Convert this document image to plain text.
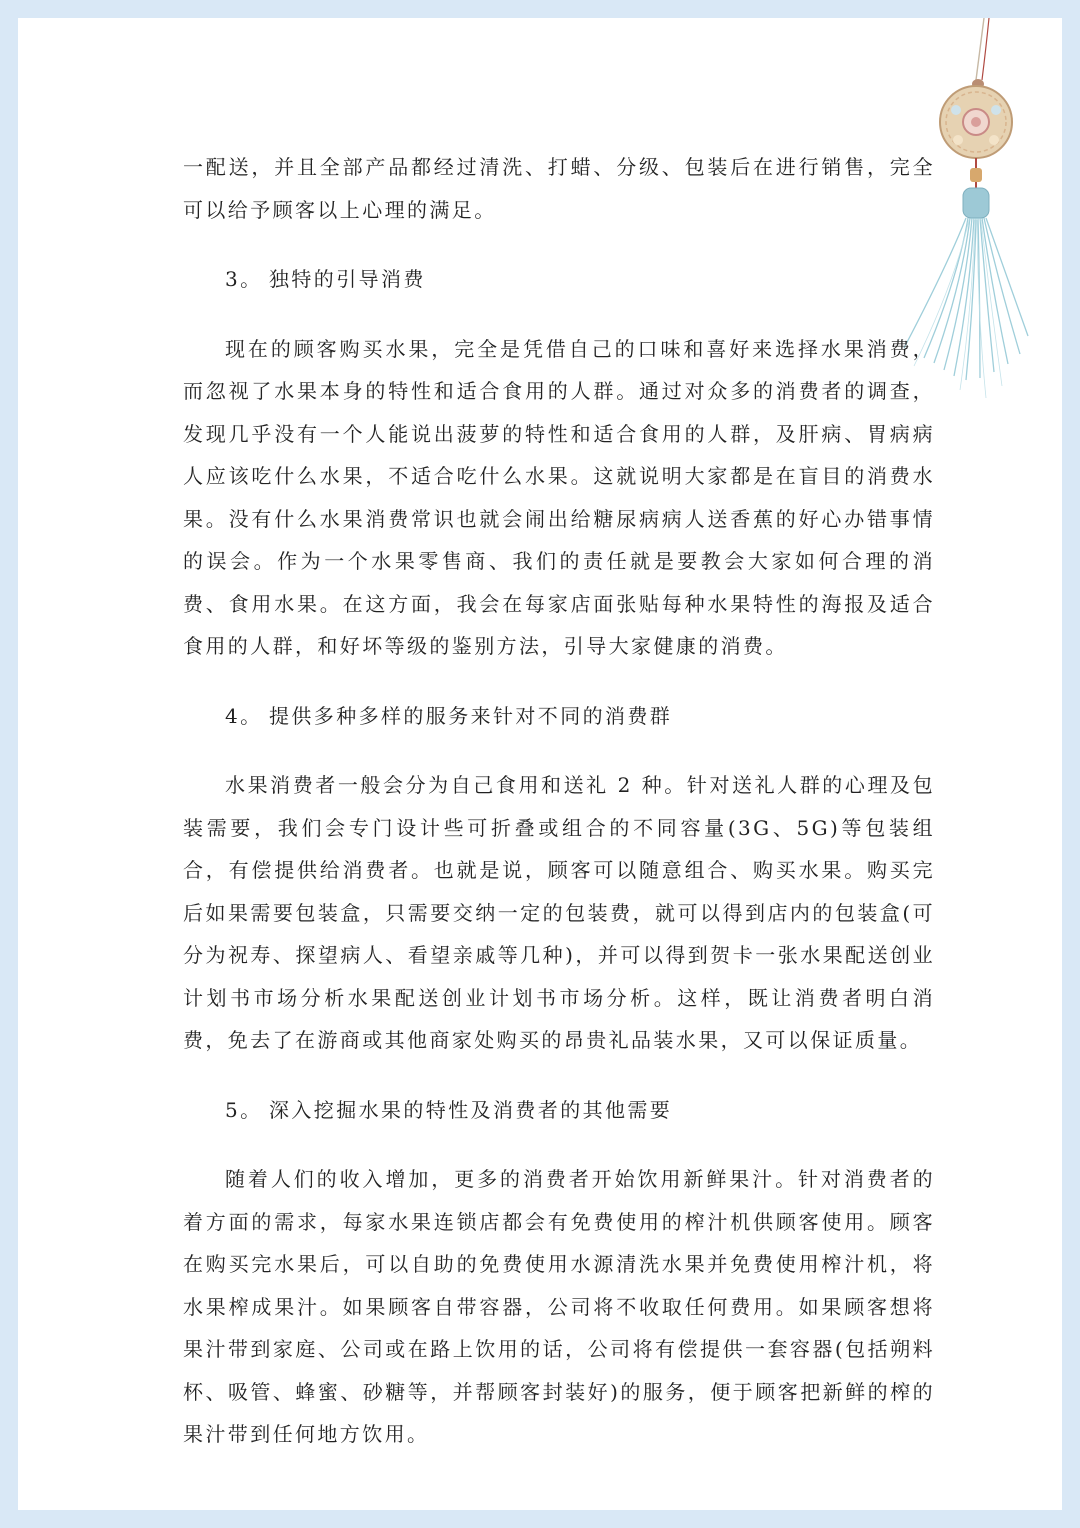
一配送，并且全部产品都经过清洗、打蜡、分级、包装后在进行销售，完全可以给予顾客以上心理的满足。

3。 独特的引导消费

现在的顾客购买水果，完全是凭借自己的口味和喜好来选择水果消费，而忽视了水果本身的特性和适合食用的人群。通过对众多的消费者的调查，发现几乎没有一个人能说出菠萝的特性和适合食用的人群，及肝病、胃病病人应该吃什么水果，不适合吃什么水果。这就说明大家都是在盲目的消费水果。没有什么水果消费常识也就会闹出给糖尿病病人送香蕉的好心办错事情的误会。作为一个水果零售商、我们的责任就是要教会大家如何合理的消费、食用水果。在这方面，我会在每家店面张贴每种水果特性的海报及适合食用的人群，和好坏等级的鉴别方法，引导大家健康的消费。

4。 提供多种多样的服务来针对不同的消费群

水果消费者一般会分为自己食用和送礼 2 种。针对送礼人群的心理及包装需要，我们会专门设计些可折叠或组合的不同容量(3G、5G)等包装组合，有偿提供给消费者。也就是说，顾客可以随意组合、购买水果。购买完后如果需要包装盒，只需要交纳一定的包装费，就可以得到店内的包装盒(可分为祝寿、探望病人、看望亲戚等几种)，并可以得到贺卡一张水果配送创业计划书市场分析水果配送创业计划书市场分析。这样，既让消费者明白消费，免去了在游商或其他商家处购买的昂贵礼品装水果，又可以保证质量。

5。 深入挖掘水果的特性及消费者的其他需要

随着人们的收入增加，更多的消费者开始饮用新鲜果汁。针对消费者的着方面的需求，每家水果连锁店都会有免费使用的榨汁机供顾客使用。顾客在购买完水果后，可以自助的免费使用水源清洗水果并免费使用榨汁机，将水果榨成果汁。如果顾客自带容器，公司将不收取任何费用。如果顾客想将果汁带到家庭、公司或在路上饮用的话，公司将有偿提供一套容器(包括朔料杯、吸管、蜂蜜、砂糖等，并帮顾客封装好)的服务，便于顾客把新鲜的榨的果汁带到任何地方饮用。
